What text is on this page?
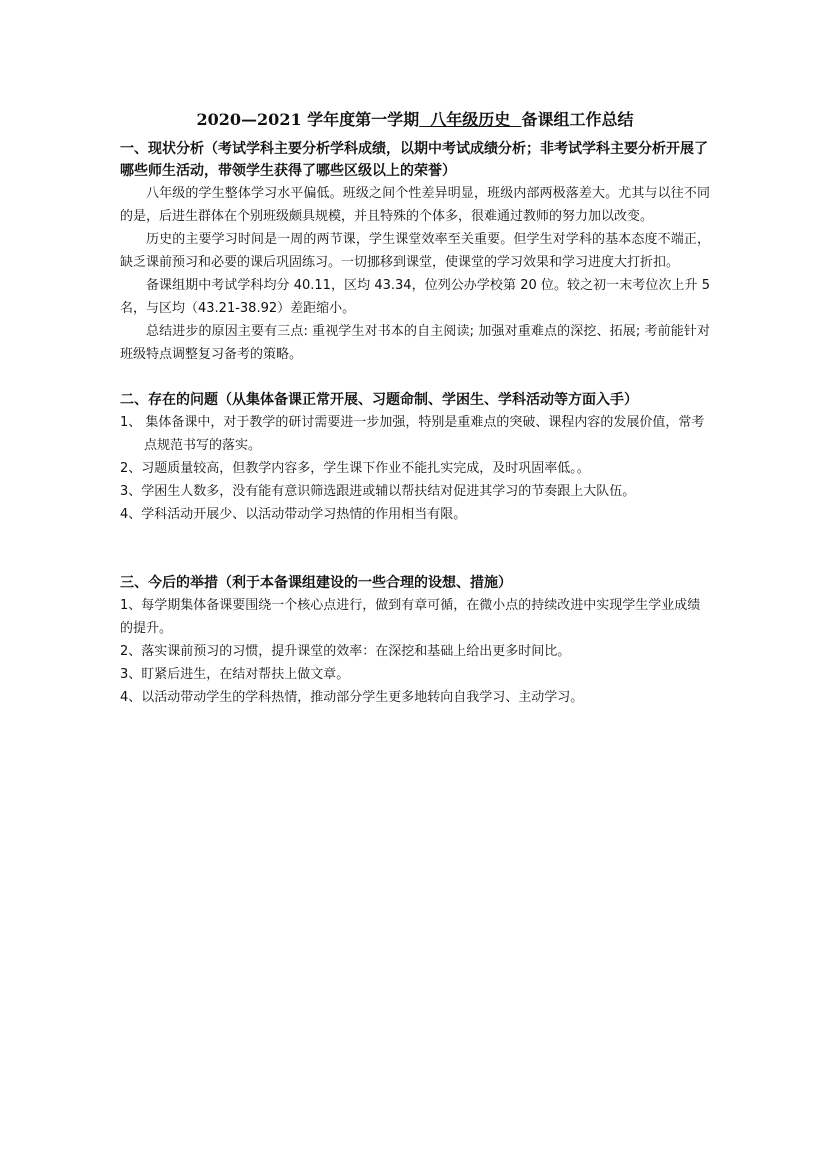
2020—2021 学年度第一学期  八年级历史  备课组工作总结
一、现状分析（考试学科主要分析学科成绩，以期中考试成绩分析；非考试学科主要分析开展了哪些师生活动，带领学生获得了哪些区级以上的荣誉）
八年级的学生整体学习水平偏低。班级之间个性差异明显，班级内部两极落差大。尤其与以往不同的是，后进生群体在个别班级颇具规模，并且特殊的个体多，很难通过教师的努力加以改变。
历史的主要学习时间是一周的两节课，学生课堂效率至关重要。但学生对学科的基本态度不端正，缺乏课前预习和必要的课后巩固练习。一切挪移到课堂，使课堂的学习效果和学习进度大打折扣。
备课组期中考试学科均分 40.11，区均 43.34，位列公办学校第 20 位。较之初一末考位次上升 5 名，与区均（43.21-38.92）差距缩小。
总结进步的原因主要有三点: 重视学生对书本的自主阅读; 加强对重难点的深挖、拓展; 考前能针对班级特点调整复习备考的策略。
二、存在的问题（从集体备课正常开展、习题命制、学困生、学科活动等方面入手）
1、 集体备课中，对于教学的研讨需要进一步加强，特别是重难点的突破、课程内容的发展价值，常考点规范书写的落实。
2、习题质量较高，但教学内容多，学生课下作业不能扎实完成，及时巩固率低。。
3、学困生人数多，没有能有意识筛选跟进或辅以帮扶结对促进其学习的节奏跟上大队伍。
4、学科活动开展少、以活动带动学习热情的作用相当有限。
三、今后的举措（利于本备课组建设的一些合理的设想、措施）
1、每学期集体备课要围绕一个核心点进行，做到有章可循，在微小点的持续改进中实现学生学业成绩的提升。
2、落实课前预习的习惯，提升课堂的效率：在深挖和基础上给出更多时间比。
3、盯紧后进生，在结对帮扶上做文章。
4、以活动带动学生的学科热情，推动部分学生更多地转向自我学习、主动学习。
